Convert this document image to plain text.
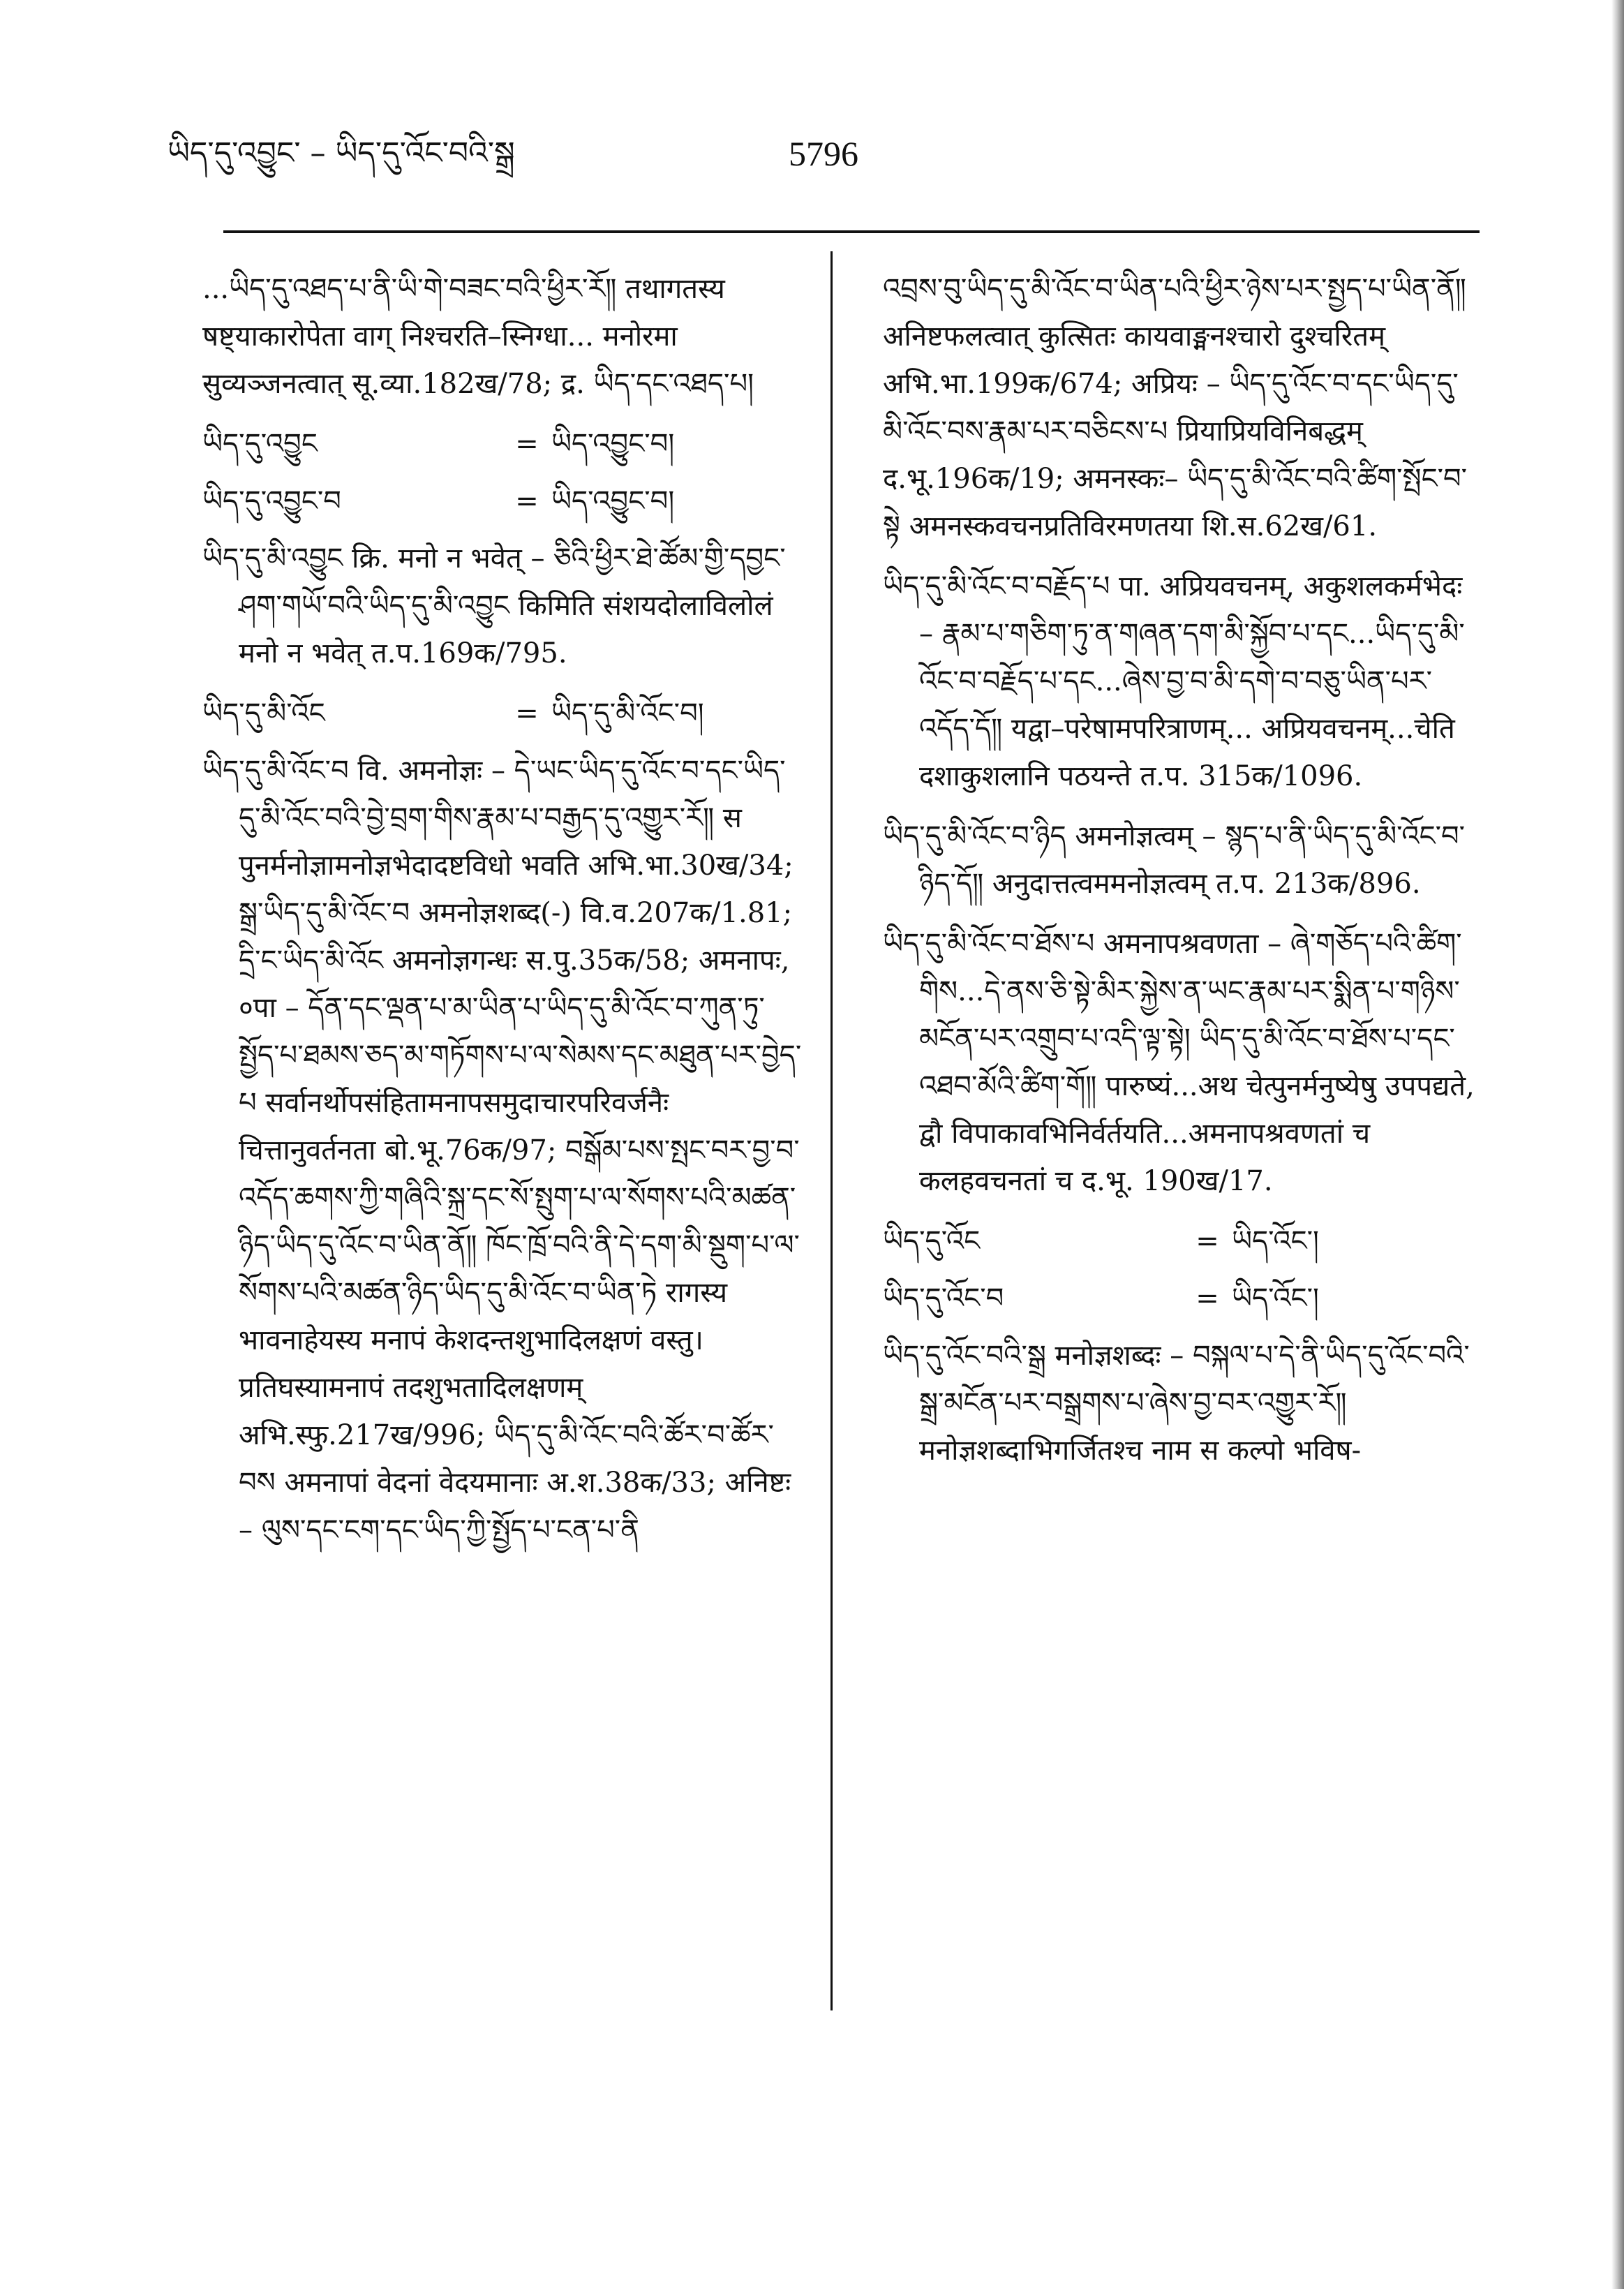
ཡིད་དུ་འབྱུང་ – ཡིད་དུ་འོང་བའི་སྒྲ	5796

...ཡིད་དུ་འཐད་པ་ནི་ཡི་གེ་བཟང་བའི་ཕྱིར་རོ༎ तथागतस्य षष्ट्याकारोपेता वाग् निश्चरति–स्निग्धा... मनोरमा सुव्यञ्जनत्वात् सू.व्या.182ख/78; द्र. ཡིད་དང་འཐད་པ།

ཡིད་དུ་འབྱུང	= ཡིད་འབྱུང་བ།
ཡིད་དུ་འབྱུང་བ	= ཡིད་འབྱུང་བ།

ཡིད་དུ་མི་འབྱུང क्रि. मनो न भवेत् – ཅིའི་ཕྱིར་ཐེ་ཚོམ་གྱི་དབྱང་ཤག་གཡོ་བའི་ཡིད་དུ་མི་འབྱུང किमिति संशयदोलाविलोलं मनो न भवेत् त.प.169क/795.

ཡིད་དུ་མི་འོང	= ཡིད་དུ་མི་འོང་བ།

ཡིད་དུ་མི་འོང་བ वि. अमनोज्ञः – དེ་ཡང་ཡིད་དུ་འོང་བ་དང་ཡིད་དུ་མི་འོང་བའི་བྱེ་བྲག་གིས་རྣམ་པ་བརྒྱད་དུ་འགྱུར་རོ༎ स पुनर्मनोज्ञामनोज्ञभेदादष्टविधो भवति अभि.भा.30ख/34; སྒྲ་ཡིད་དུ་མི་འོང་བ अमनोज्ञशब्द(-) वि.व.207क/1.81; དྲི་ང་ཡིད་མི་འོང अमनोज्ञगन्धः स.पु.35क/58; अमनापः, ०पा – དོན་དང་ལྡན་པ་མ་ཡིན་པ་ཡིད་དུ་མི་འོང་བ་ཀུན་ཏུ་སྤྱོད་པ་ཐམས་ཅད་མ་གཏོགས་པ་ལ་སེམས་དང་མཐུན་པར་བྱེད་པ सर्वानर्थोपसंहितामनापसमुदाचारपरिवर्जनैः चित्तानुवर्तनता बो.भू.76क/97; བསྒོམ་པས་སྤང་བར་བྱ་བ་འདོད་ཆགས་ཀྱི་གཞིའི་སྐྲ་དང་སོ་སྤུག་པ་ལ་སོགས་པའི་མཚན་ཉིད་ཡིད་དུ་འོང་བ་ཡིན་ནོ༎ ཁོང་ཁྲོ་བའི་ནི་དེ་དག་མི་སྡུག་པ་ལ་སོགས་པའི་མཚན་ཉིད་ཡིད་དུ་མི་འོང་བ་ཡིན་ཏེ रागस्य भावनाहेयस्य मनापं केशदन्तशुभादिलक्षणं वस्तु। प्रतिघस्यामनापं तदशुभतादिलक्षणम् अभि.स्फु.217ख/996; ཡིད་དུ་མི་འོང་བའི་ཚོར་བ་ཚོར་བས अमनापां वेदनां वेदयमानाः अ.श.38क/33; अनिष्टः – ལུས་དང་ངག་དང་ཡིད་ཀྱི་སྤྱོད་པ་ངན་པ་ནི

འབྲས་བུ་ཡིད་དུ་མི་འོང་བ་ཡིན་པའི་ཕྱིར་ཉེས་པར་སྤྱད་པ་ཡིན་ནོ༎ अनिष्टफलत्वात् कुत्सितः कायवाङ्मनश्चारो दुश्चरितम् अभि.भा.199क/674; अप्रियः – ཡིད་དུ་འོང་བ་དང་ཡིད་དུ་མི་འོང་བས་རྣམ་པར་བཅིངས་པ प्रियाप्रियविनिबद्धम् द.भू.196क/19; अमनस्कः– ཡིད་དུ་མི་འོང་བའི་ཚིག་སྤོང་བ་སྟེ अमनस्कवचनप्रतिविरमणतया शि.स.62ख/61.

ཡིད་དུ་མི་འོང་བ་བརྗོད་པ पा. अप्रियवचनम्, अकुशलकर्मभेदः – རྣམ་པ་གཅིག་ཏུ་ན་གཞན་དག་མི་སྐྱོབ་པ་དང...ཡིད་དུ་མི་འོང་བ་བརྗོད་པ་དང...ཞེས་བྱ་བ་མི་དགེ་བ་བཅུ་ཡིན་པར་འདོད་དོ༎ यद्वा–परेषामपरित्राणम्... अप्रियवचनम्...चेति दशाकुशलानि पठयन्ते त.प. 315क/1096.

ཡིད་དུ་མི་འོང་བ་ཉིད अमनोज्ञत्वम् – སྙད་པ་ནི་ཡིད་དུ་མི་འོང་བ་ཉིད་དོ༎ अनुदात्तत्वममनोज्ञत्वम् त.प. 213क/896.

ཡིད་དུ་མི་འོང་བ་ཐོས་པ अमनापश्रवणता – ཞེ་གཅོད་པའི་ཚིག་གིས...དེ་ནས་ཅི་སྟེ་མིར་སྐྱེས་ན་ཡང་རྣམ་པར་སྨིན་པ་གཉིས་མངོན་པར་འགྲུབ་པ་འདི་ལྟ་སྟེ། ཡིད་དུ་མི་འོང་བ་ཐོས་པ་དང་འཐབ་མོའི་ཚིག་གོ༎ पारुष्यं...अथ चेत्पुनर्मनुष्येषु उपपद्यते, द्वौ विपाकावभिनिर्वर्तयति...अमनापश्रवणतां च कलहवचनतां च द.भू. 190ख/17.

ཡིད་དུ་འོང	= ཡིད་འོང་།
ཡིད་དུ་འོང་བ	= ཡིད་འོང་།

ཡིད་དུ་འོང་བའི་སྒྲ मनोज्ञशब्दः – བསྐལ་པ་དེ་ནི་ཡིད་དུ་འོང་བའི་སྒྲ་མངོན་པར་བསྒྲགས་པ་ཞེས་བྱ་བར་འགྱུར་རོ༎ मनोज्ञशब्दाभिगर्जितश्च नाम स कल्पो भविष-
